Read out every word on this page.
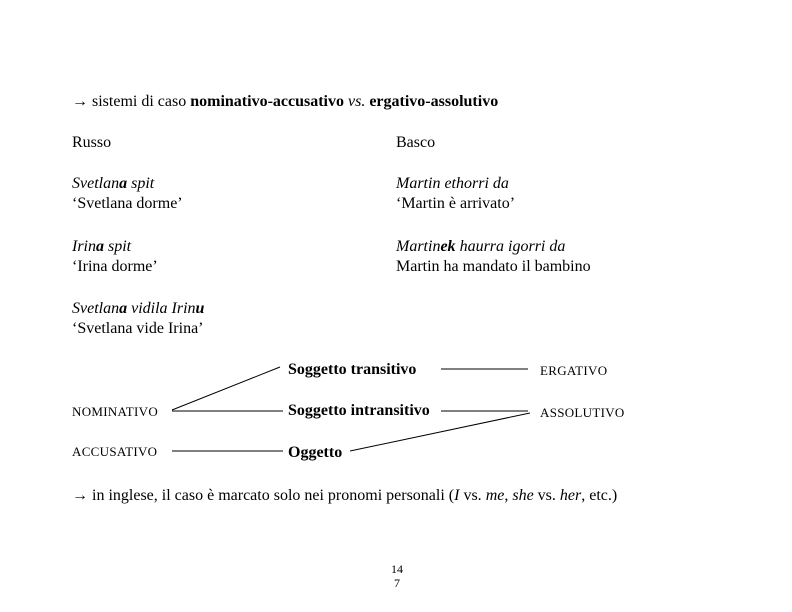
→ sistemi di caso nominativo-accusativo vs. ergativo-assolutivo
Russo	Basco
Svetlana spit
‘Svetlana dorme’
Martin ethorri da
‘Martin è arrivato’
Irina spit
‘Irina dorme’
Martinek haurra igorri da
Martin ha mandato il bambino
Svetlana vidila Irinu
‘Svetlana vide Irina’
NOMINATIVO
ACCUSATIVO
Soggetto transitivo
Soggetto intransitivo
Oggetto
ERGATIVO
ASSOLUTIVO
→ in inglese, il caso è marcato solo nei pronomi personali (I vs. me, she vs. her, etc.)
14
7
